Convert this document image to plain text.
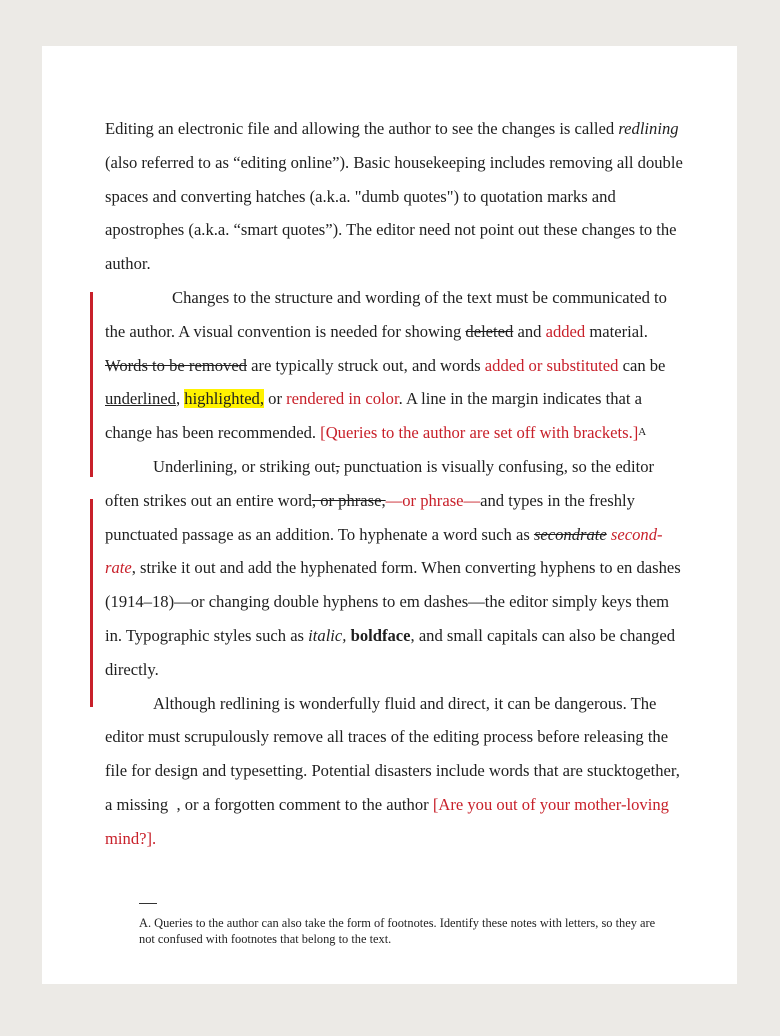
Editing an electronic file and allowing the author to see the changes is called redlining (also referred to as “editing online”). Basic housekeeping includes removing all double spaces and converting hatches (a.k.a. "dumb quotes") to quotation marks and apostrophes (a.k.a. “smart quotes”). The editor need not point out these changes to the author.

Changes to the structure and wording of the text must be communicated to the author. A visual convention is needed for showing deleted and added material. Words to be removed are typically struck out, and words added or substituted can be underlined, highlighted, or rendered in color. A line in the margin indicates that a change has been recommended. [Queries to the author are set off with brackets.]$^A$

Underlining, or striking out, punctuation is visually confusing, so the editor often strikes out an entire word, or phrase,—or phrase—and types in the freshly punctuated passage as an addition. To hyphenate a word such as secondrate second-rate, strike it out and add the hyphenated form. When converting hyphens to en dashes (1914–18)—or changing double hyphens to em dashes—the editor simply keys them in. Typographic styles such as italic, boldface, and small capitals can also be changed directly.

Although redlining is wonderfully fluid and direct, it can be dangerous. The editor must scrupulously remove all traces of the editing process before releasing the file for design and typesetting. Potential disasters include words that are stucktogether, a missing  , or a forgotten comment to the author [Are you out of your mother-loving mind?].

A. Queries to the author can also take the form of footnotes. Identify these notes with letters, so they are not confused with footnotes that belong to the text.
